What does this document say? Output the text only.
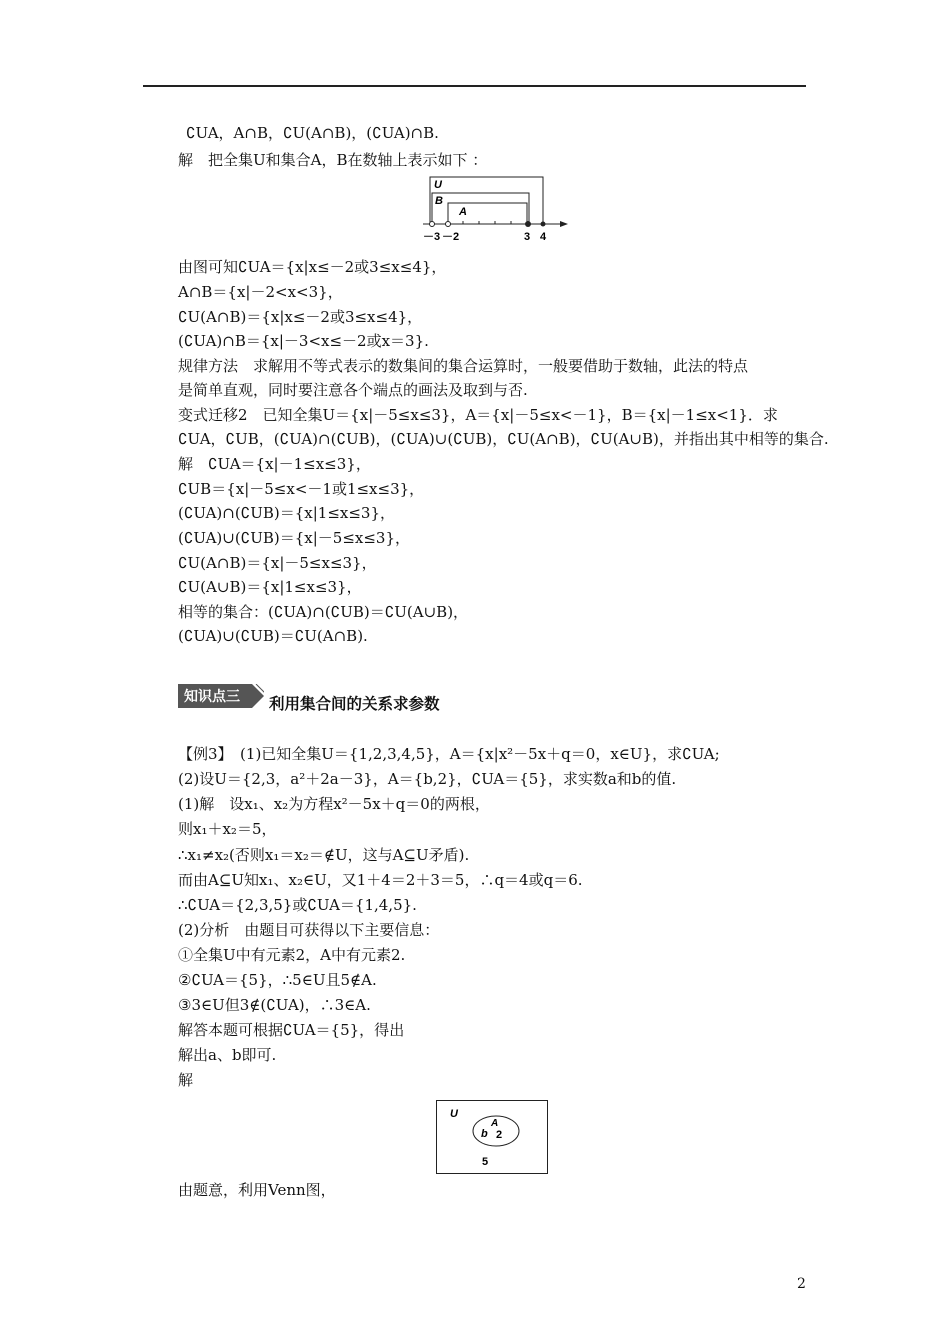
∁UA，A∩B，∁U(A∩B)，(∁UA)∩B.
解　把全集U和集合A，B在数轴上表示如下 ：
由图可知∁UA＝{x|x≤－2或3≤x≤4}，
A∩B＝{x|－2<x<3}，
∁U(A∩B)＝{x|x≤－2或3≤x≤4}，
(∁UA)∩B＝{x|－3<x≤－2或x＝3}.
规律方法　求解用不等式表示的数集间的集合运算时，一般要借助于数轴，此法的特点
是简单直观，同时要注意各个端点的画法及取到与否.
变式迁移2　已知全集U＝{x|－5≤x≤3}，A＝{x|－5≤x<－1}，B＝{x|－1≤x<1}．求
∁UA，∁UB，(∁UA)∩(∁UB)，(∁UA)∪(∁UB)，∁U(A∩B)，∁U(A∪B)，并指出其中相等的集合.
解　∁UA＝{x|－1≤x≤3}，
∁UB＝{x|－5≤x<－1或1≤x≤3}，
(∁UA)∩(∁UB)＝{x|1≤x≤3}，
(∁UA)∪(∁UB)＝{x|－5≤x≤3}，
∁U(A∩B)＝{x|－5≤x≤3}，
∁U(A∪B)＝{x|1≤x≤3}，
相等的集合：(∁UA)∩(∁UB)＝∁U(A∪B)，
(∁UA)∪(∁UB)＝∁U(A∩B).
【例3】　(1)已知全集U＝{1,2,3,4,5}，A＝{x|x²－5x＋q＝0，x∈U}，求∁UA;
(2)设U＝{2,3，a²＋2a－3}，A＝{b,2}，∁UA＝{5}，求实数a和b的值.
(1)解　设x₁、x₂为方程x²－5x＋q＝0的两根，
则x₁＋x₂＝5，
∴x₁≠x₂(否则x₁＝x₂＝∉U，这与A⊆U矛盾).
而由A⊆U知x₁、x₂∈U，又1＋4＝2＋3＝5，∴q＝4或q＝6.
∴∁UA＝{2,3,5}或∁UA＝{1,4,5}.
(2)分析　由题目可获得以下主要信息：
①全集U中有元素2，A中有元素2.
②∁UA＝{5}，∴5∈U且5∉A.
③3∈U但3∉(∁UA)，∴3∈A.
解答本题可根据∁UA＝{5}，得出
解出a、b即可.
解
由题意，利用Venn图，
U
B
A
－3 －2	3 4
知识点三 利用集合间的关系求参数
U
A
b 2
5
2
